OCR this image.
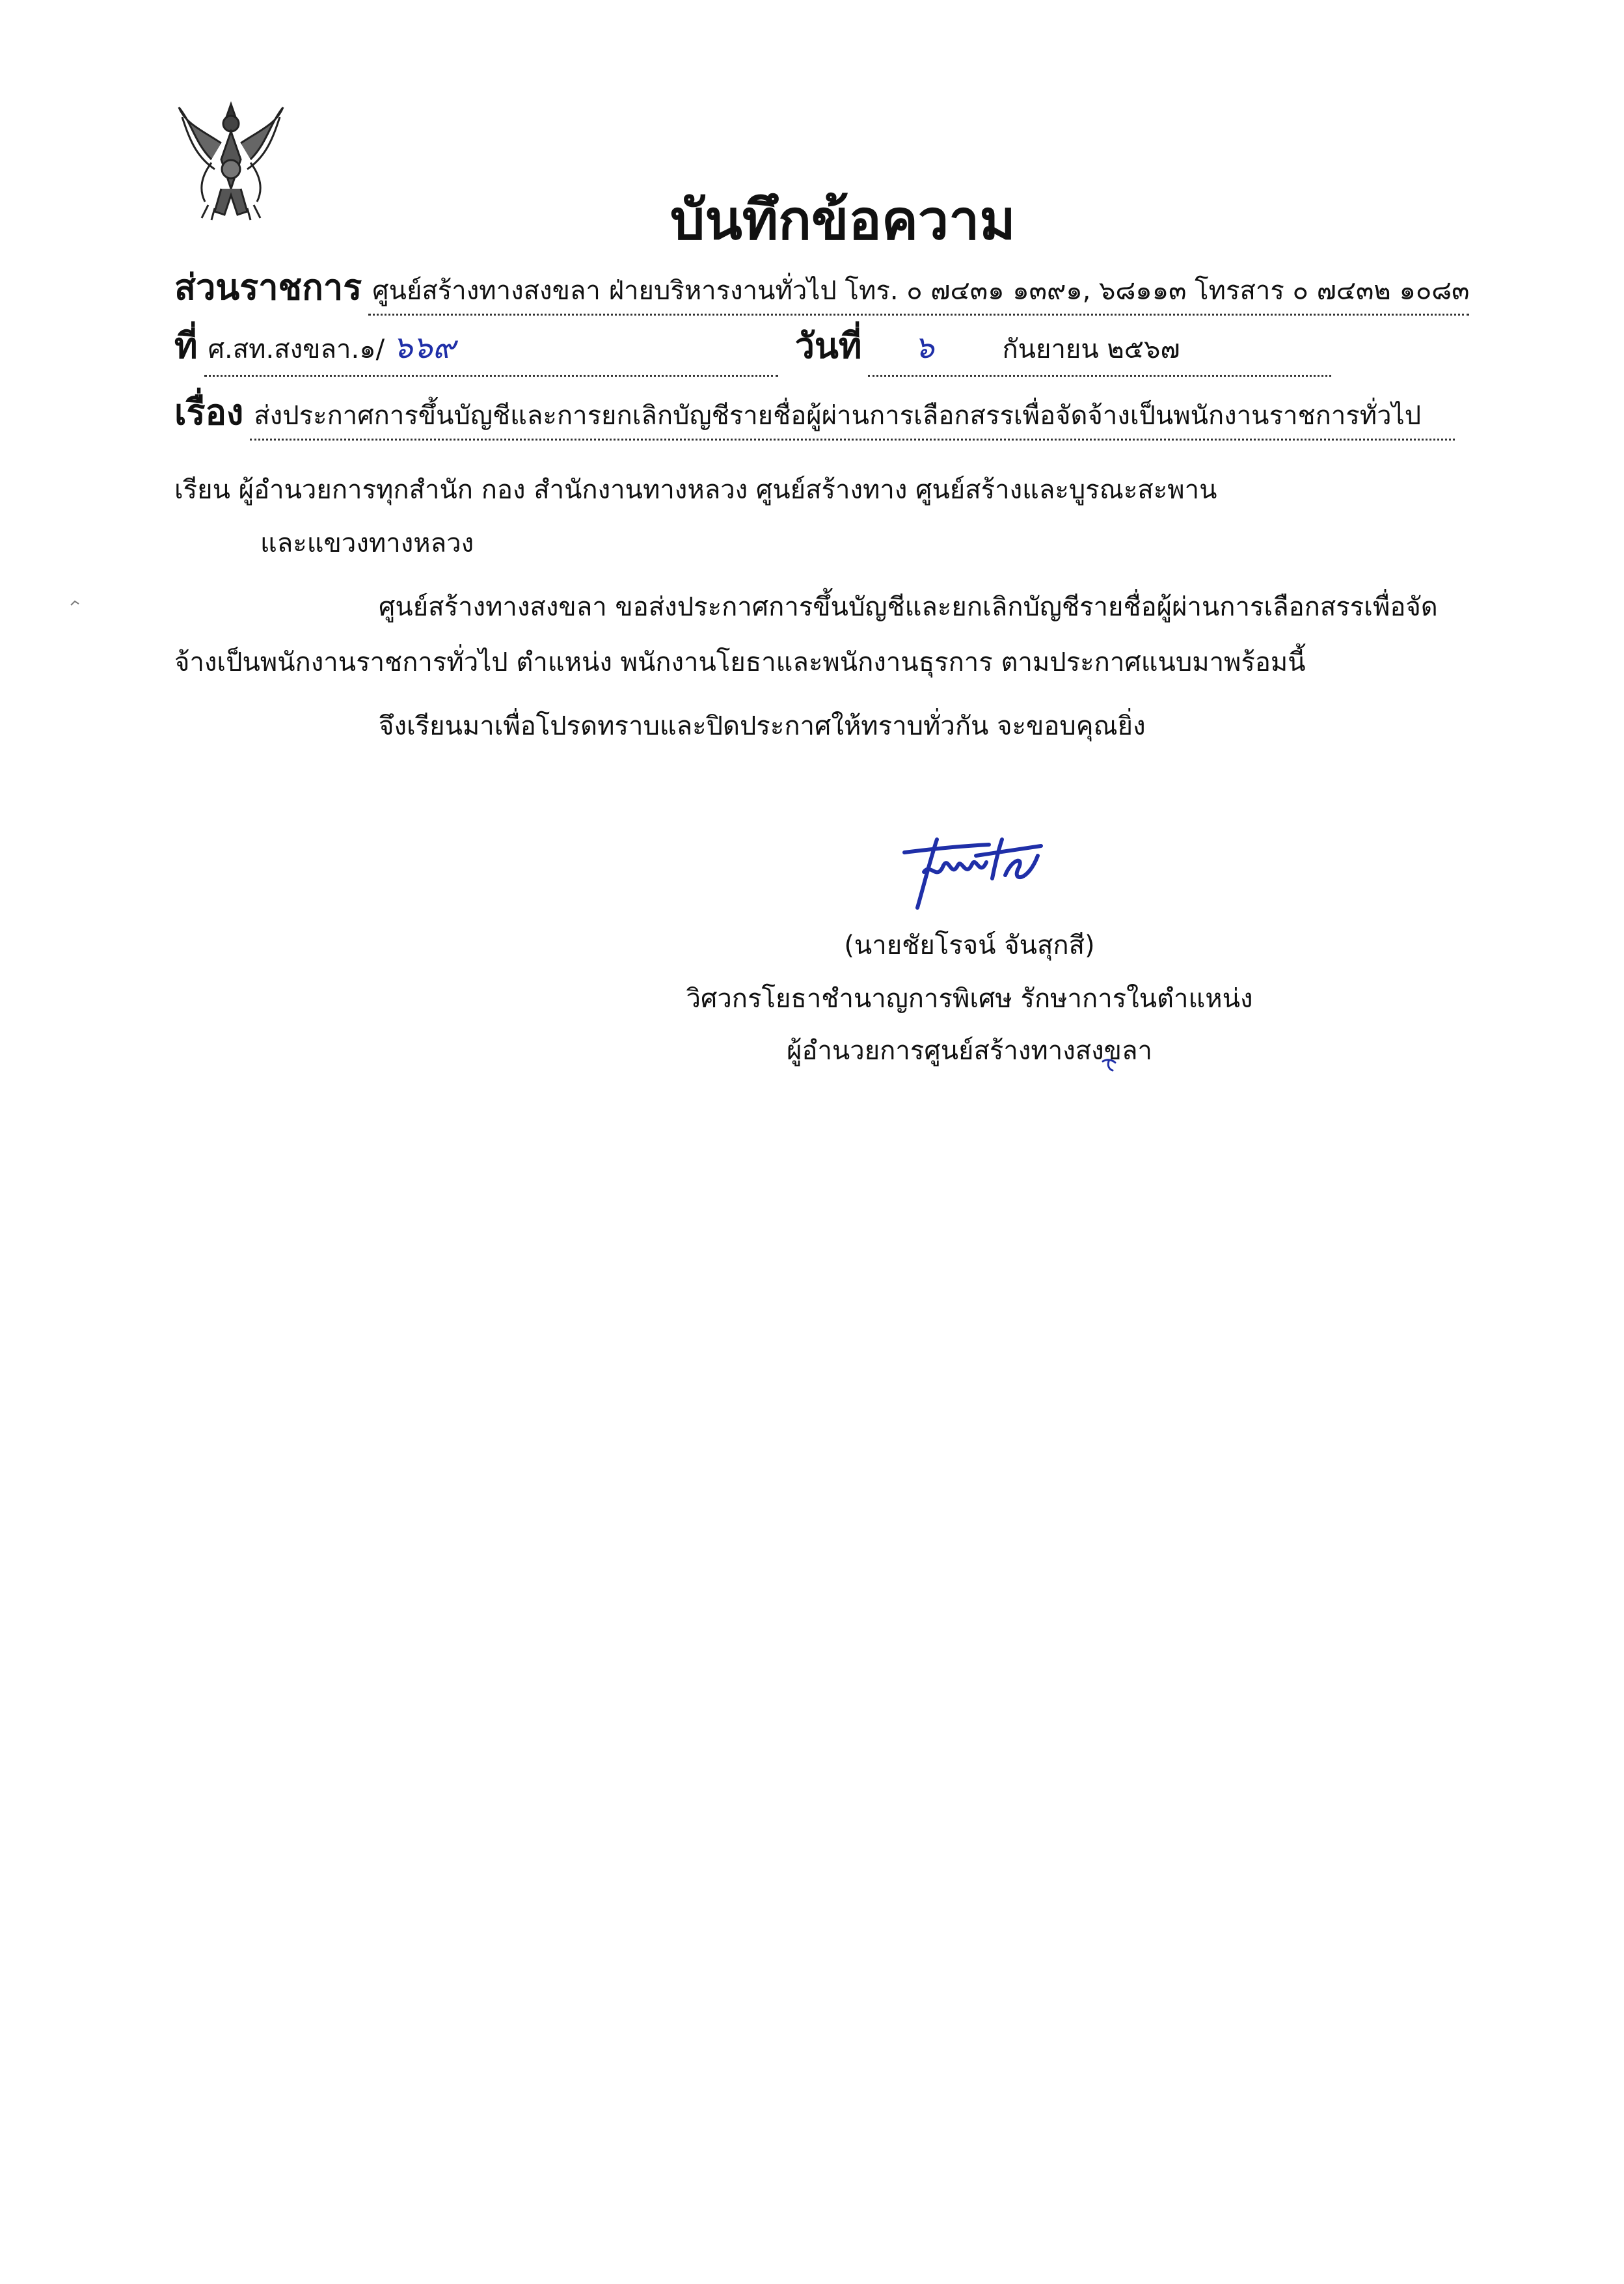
บันทึกข้อความ
ส่วนราชการ ศูนย์สร้างทางสงขลา ฝ่ายบริหารงานทั่วไป โทร. ๐ ๗๔๓๑ ๑๓๙๑, ๖๘๑๑๓ โทรสาร ๐ ๗๔๓๒ ๑๐๘๓
ที่ ศ.สท.สงขลา.๑/ ๖๖๙	วันที่	๖	กันยายน ๒๕๖๗
เรื่อง ส่งประกาศการขึ้นบัญชีและการยกเลิกบัญชีรายชื่อผู้ผ่านการเลือกสรรเพื่อจัดจ้างเป็นพนักงานราชการทั่วไป
เรียน ผู้อำนวยการทุกสำนัก กอง สำนักงานทางหลวง ศูนย์สร้างทาง ศูนย์สร้างและบูรณะสะพาน
และแขวงทางหลวง
ศูนย์สร้างทางสงขลา ขอส่งประกาศการขึ้นบัญชีและยกเลิกบัญชีรายชื่อผู้ผ่านการเลือกสรรเพื่อจัด
จ้างเป็นพนักงานราชการทั่วไป ตำแหน่ง พนักงานโยธาและพนักงานธุรการ ตามประกาศแนบมาพร้อมนี้
จึงเรียนมาเพื่อโปรดทราบและปิดประกาศให้ทราบทั่วกัน จะขอบคุณยิ่ง
(นายชัยโรจน์ จันสุกสี)
วิศวกรโยธาชำนาญการพิเศษ รักษาการในตำแหน่ง
ผู้อำนวยการศูนย์สร้างทางสงขลา
